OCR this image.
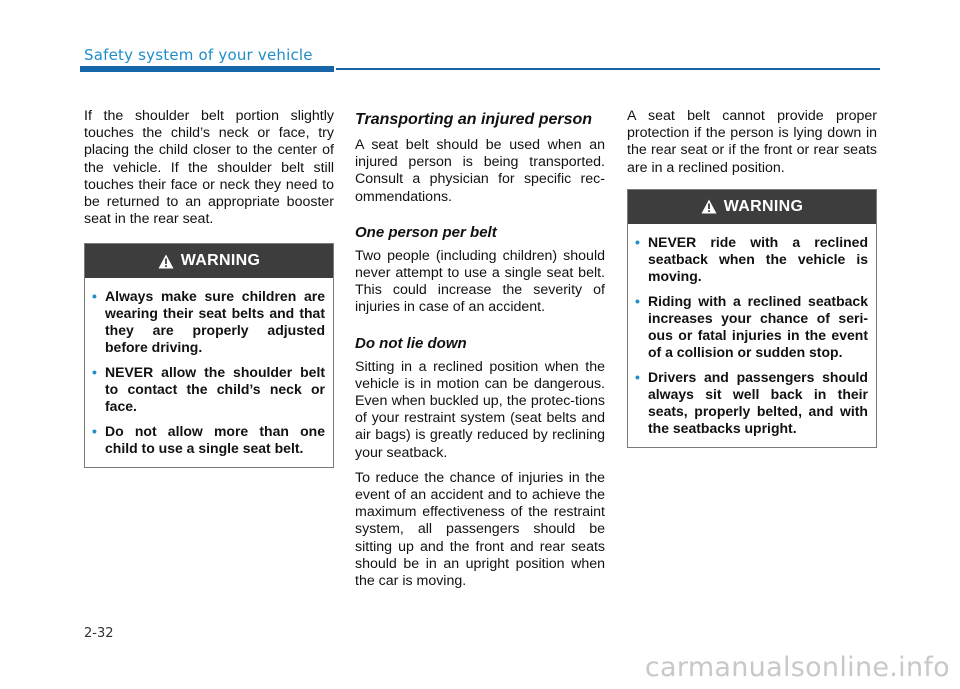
Safety system of your vehicle

If the shoulder belt portion slightly touches the child’s neck or face, try placing the child closer to the center of the vehicle. If the shoulder belt still touches their face or neck they need to be returned to an appropriate booster seat in the rear seat.

WARNING
• Always make sure children are wearing their seat belts and that they are properly adjusted before driving.
• NEVER allow the shoulder belt to contact the child’s neck or face.
• Do not allow more than one child to use a single seat belt.
Transporting an injured person

A seat belt should be used when an injured person is being transported. Consult a physician for specific rec-ommendations.

One person per belt

Two people (including children) should never attempt to use a single seat belt. This could increase the severity of injuries in case of an accident.

Do not lie down

Sitting in a reclined position when the vehicle is in motion can be dangerous. Even when buckled up, the protec-tions of your restraint system (seat belts and air bags) is greatly reduced by reclining your seatback.

To reduce the chance of injuries in the event of an accident and to achieve the maximum effectiveness of the restraint system, all passengers should be sitting up and the front and rear seats should be in an upright position when the car is moving.

A seat belt cannot provide proper protection if the person is lying down in the rear seat or if the front or rear seats are in a reclined position.

WARNING
• NEVER ride with a reclined seatback when the vehicle is moving.
• Riding with a reclined seatback increases your chance of seri-ous or fatal injuries in the event of a collision or sudden stop.
• Drivers and passengers should always sit well back in their seats, properly belted, and with the seatbacks upright.
2-32
carmanualsonline.info
